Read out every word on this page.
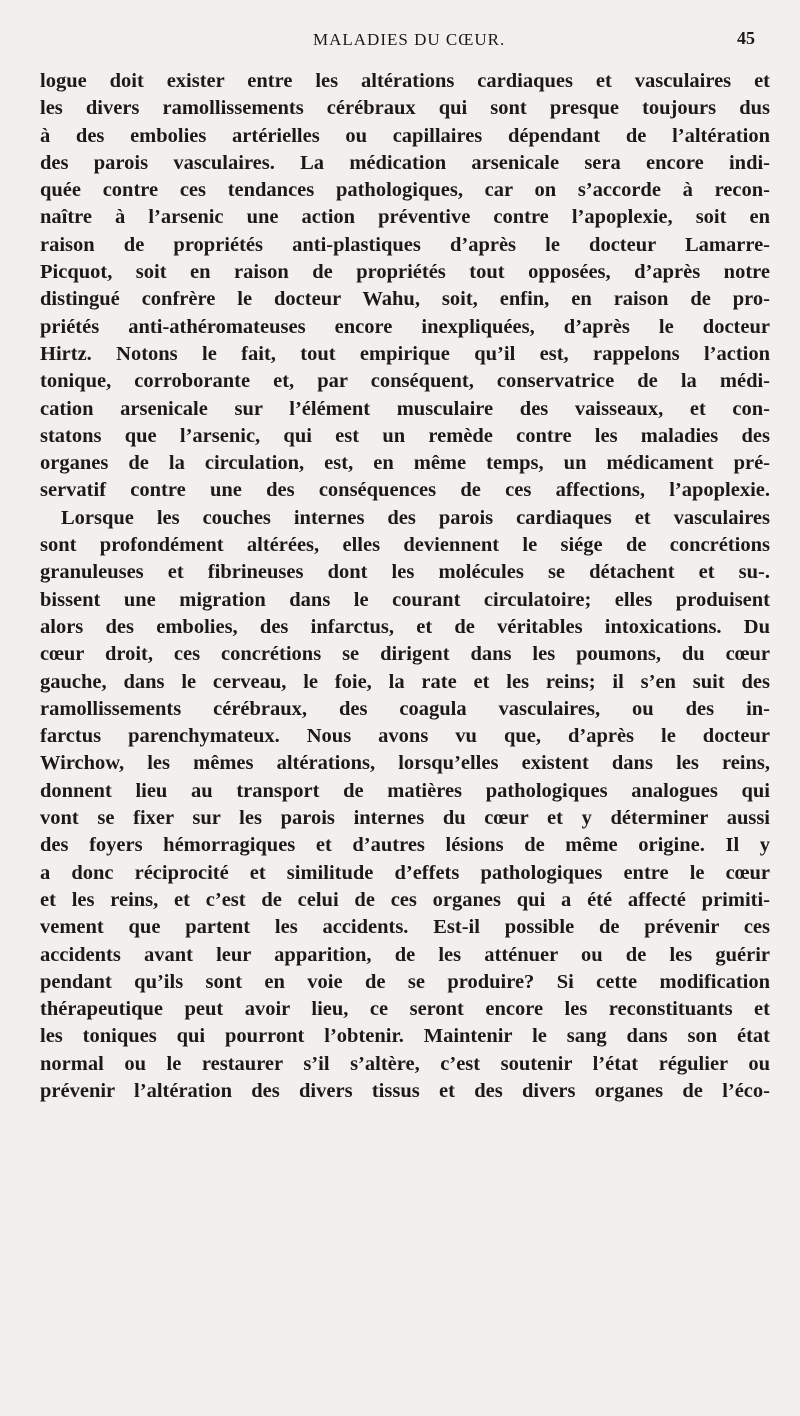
MALADIES DU CŒUR.	45
logue doit exister entre les altérations cardiaques et vasculaires et
les divers ramollissements cérébraux qui sont presque toujours dus
à des embolies artérielles ou capillaires dépendant de l’altération
des parois vasculaires. La médication arsenicale sera encore indi-
quée contre ces tendances pathologiques, car on s’accorde à recon-
naître à l’arsenic une action préventive contre l’apoplexie, soit en
raison de propriétés anti-plastiques d’après le docteur Lamarre-
Picquot, soit en raison de propriétés tout opposées, d’après notre
distingué confrère le docteur Wahu, soit, enfin, en raison de pro-
priétés anti-athéromateuses encore inexpliquées, d’après le docteur
Hirtz. Notons le fait, tout empirique qu’il est, rappelons l’action
tonique, corroborante et, par conséquent, conservatrice de la médi-
cation arsenicale sur l’élément musculaire des vaisseaux, et con-
statons que l’arsenic, qui est un remède contre les maladies des
organes de la circulation, est, en même temps, un médicament pré-
servatif contre une des conséquences de ces affections, l’apoplexie.
Lorsque les couches internes des parois cardiaques et vasculaires
sont profondément altérées, elles deviennent le siége de concrétions
granuleuses et fibrineuses dont les molécules se détachent et su-.
bissent une migration dans le courant circulatoire; elles produisent
alors des embolies, des infarctus, et de véritables intoxications. Du
cœur droit, ces concrétions se dirigent dans les poumons, du cœur
gauche, dans le cerveau, le foie, la rate et les reins; il s’en suit des
ramollissements cérébraux, des coagula vasculaires, ou des in-
farctus parenchymateux. Nous avons vu que, d’après le docteur
Wirchow, les mêmes altérations, lorsqu’elles existent dans les reins,
donnent lieu au transport de matières pathologiques analogues qui
vont se fixer sur les parois internes du cœur et y déterminer aussi
des foyers hémorragiques et d’autres lésions de même origine. Il y
a donc réciprocité et similitude d’effets pathologiques entre le cœur
et les reins, et c’est de celui de ces organes qui a été affecté primiti-
vement que partent les accidents. Est-il possible de prévenir ces
accidents avant leur apparition, de les atténuer ou de les guérir
pendant qu’ils sont en voie de se produire? Si cette modification
thérapeutique peut avoir lieu, ce seront encore les reconstituants et
les toniques qui pourront l’obtenir. Maintenir le sang dans son état
normal ou le restaurer s’il s’altère, c’est soutenir l’état régulier ou
prévenir l’altération des divers tissus et des divers organes de l’éco-
